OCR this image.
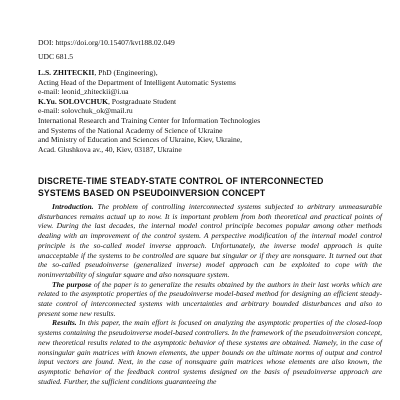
DOI: https://doi.org/10.15407/kvt188.02.049
UDC 681.5
L.S. ZHITECKII, PhD (Engineering),
Acting Head of the Department of Intelligent Automatic Systems
e-mail: leonid_zhiteckii@i.ua
K.Yu. SOLOVCHUK, Postgraduate Student
e-mail: solovchuk_ok@mail.ru
International Research and Training Center for Information Technologies
and Systems of the National Academy of Science of Ukraine
and Ministry of Education and Sciences of Ukraine, Kiev, Ukraine,
Acad. Glushkova av., 40, Kiev, 03187, Ukraine
DISCRETE-TIME STEADY-STATE CONTROL OF INTERCONNECTED SYSTEMS BASED ON PSEUDOINVERSION CONCEPT

Introduction. The problem of controlling interconnected systems subjected to arbitrary unmeasurable disturbances remains actual up to now. It is important problem from both theoretical and practical points of view. During the last decades, the internal model control principle becomes popular among other methods dealing with an improvement of the control system. A perspective modification of the internal model control principle is the so-called model inverse approach. Unfortunately, the inverse model approach is quite unacceptable if the systems to be controlled are square but singular or if they are nonsquare. It turned out that the so-called pseudoinverse (generalized inverse) model approach can be exploited to cope with the noninvertability of singular square and also nonsquare system.

The purpose of the paper is to generalize the results obtained by the authors in their last works which are related to the asymptotic properties of the pseudoinverse model-based method for designing an efficient steady-state control of interconnected systems with uncertainties and arbitrary bounded disturbances and also to present some new results.

Results. In this paper, the main effort is focused on analyzing the asymptotic properties of the closed-loop systems containing the pseudoinverse model-based controllers. In the framework of the pseudoinversion concept, new theoretical results related to the asymptotic behavior of these systems are obtained. Namely, in the case of nonsingular gain matrices with known elements, the upper bounds on the ultimate norms of output and control input vectors are found. Next, in the case of nonsquare gain matrices whose elements are also known, the asymptotic behavior of the feedback control systems designed on the basis of pseudoinverse approach are studied. Further, the sufficient conditions guaranteeing the
